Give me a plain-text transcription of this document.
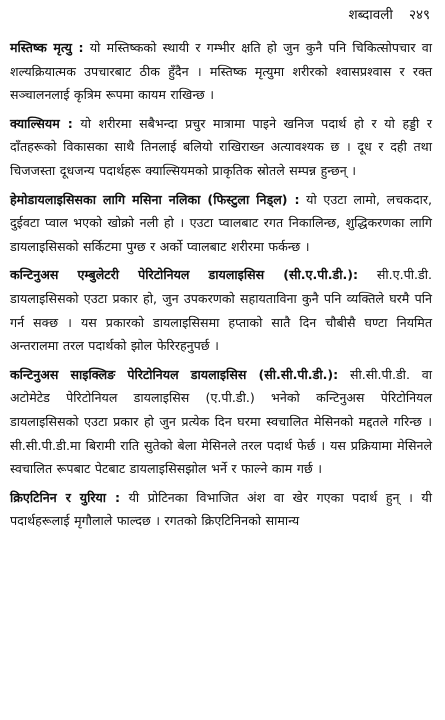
शब्दावली २४९

मस्तिष्क मृत्यु : यो मस्तिष्कको स्थायी र गम्भीर क्षति हो जुन कुनै पनि चिकित्सोपचार वा शल्यक्रियात्मक उपचारबाट ठीक हुँदैन । मस्तिष्क मृत्युमा शरीरको श्वासप्रश्वास र रक्त सञ्चालनलाई कृत्रिम रूपमा कायम राखिन्छ ।

क्याल्सियम : यो शरीरमा सबैभन्दा प्रचुर मात्रामा पाइने खनिज पदार्थ हो र यो हड्डी र दाँतहरूको विकासका साथै तिनलाई बलियो राखिराख्न अत्यावश्यक छ । दूध र दही तथा चिजजस्ता दूधजन्य पदार्थहरू क्याल्सियमको प्राकृतिक स्रोतले सम्पन्न हुन्छन् ।

हेमोडायलाइसिसका लागि मसिना नलिका (फिस्टुला निड्ल) : यो एउटा लामो, लचकदार, दुईवटा प्वाल भएको खोक्रो नली हो । एउटा प्वालबाट रगत निकालिन्छ, शुद्धिकरणका लागि डायलाइसिसको सर्किटमा पुग्छ र अर्को प्वालबाट शरीरमा फर्कन्छ ।

कन्टिनुअस एम्बुलेटरी पेरिटोनियल डायलाइसिस (सी.ए.पी.डी.): सी.ए.पी.डी. डायलाइसिसको एउटा प्रकार हो, जुन उपकरणको सहायताविना कुनै पनि व्यक्तिले घरमै पनि गर्न सक्छ । यस प्रकारको डायलाइसिसमा हप्ताको सातै दिन चौबीसै घण्टा नियमित अन्तरालमा तरल पदार्थको झोल फेरिरहनुपर्छ ।

कन्टिनुअस साइक्लिङ पेरिटोनियल डायलाइसिस (सी.सी.पी.डी.): सी.सी.पी.डी. वा अटोमेटेड पेरिटोनियल डायलाइसिस (ए.पी.डी.) भनेको कन्टिनुअस पेरिटोनियल डायलाइसिसको एउटा प्रकार हो जुन प्रत्येक दिन घरमा स्वचालित मेसिनको मद्दतले गरिन्छ । सी.सी.पी.डी.मा बिरामी राति सुतेको बेला मेसिनले तरल पदार्थ फेर्छ । यस प्रक्रियामा मेसिनले स्वचालित रूपबाट पेटबाट डायलाइसिसझोल भर्ने र फाल्ने काम गर्छ ।

क्रिएटिनिन र युरिया : यी प्रोटिनका विभाजित अंश वा खेर गएका पदार्थ हुन् । यी पदार्थहरूलाई मृगौलाले फाल्दछ । रगतको क्रिएटिनिनको सामान्य
